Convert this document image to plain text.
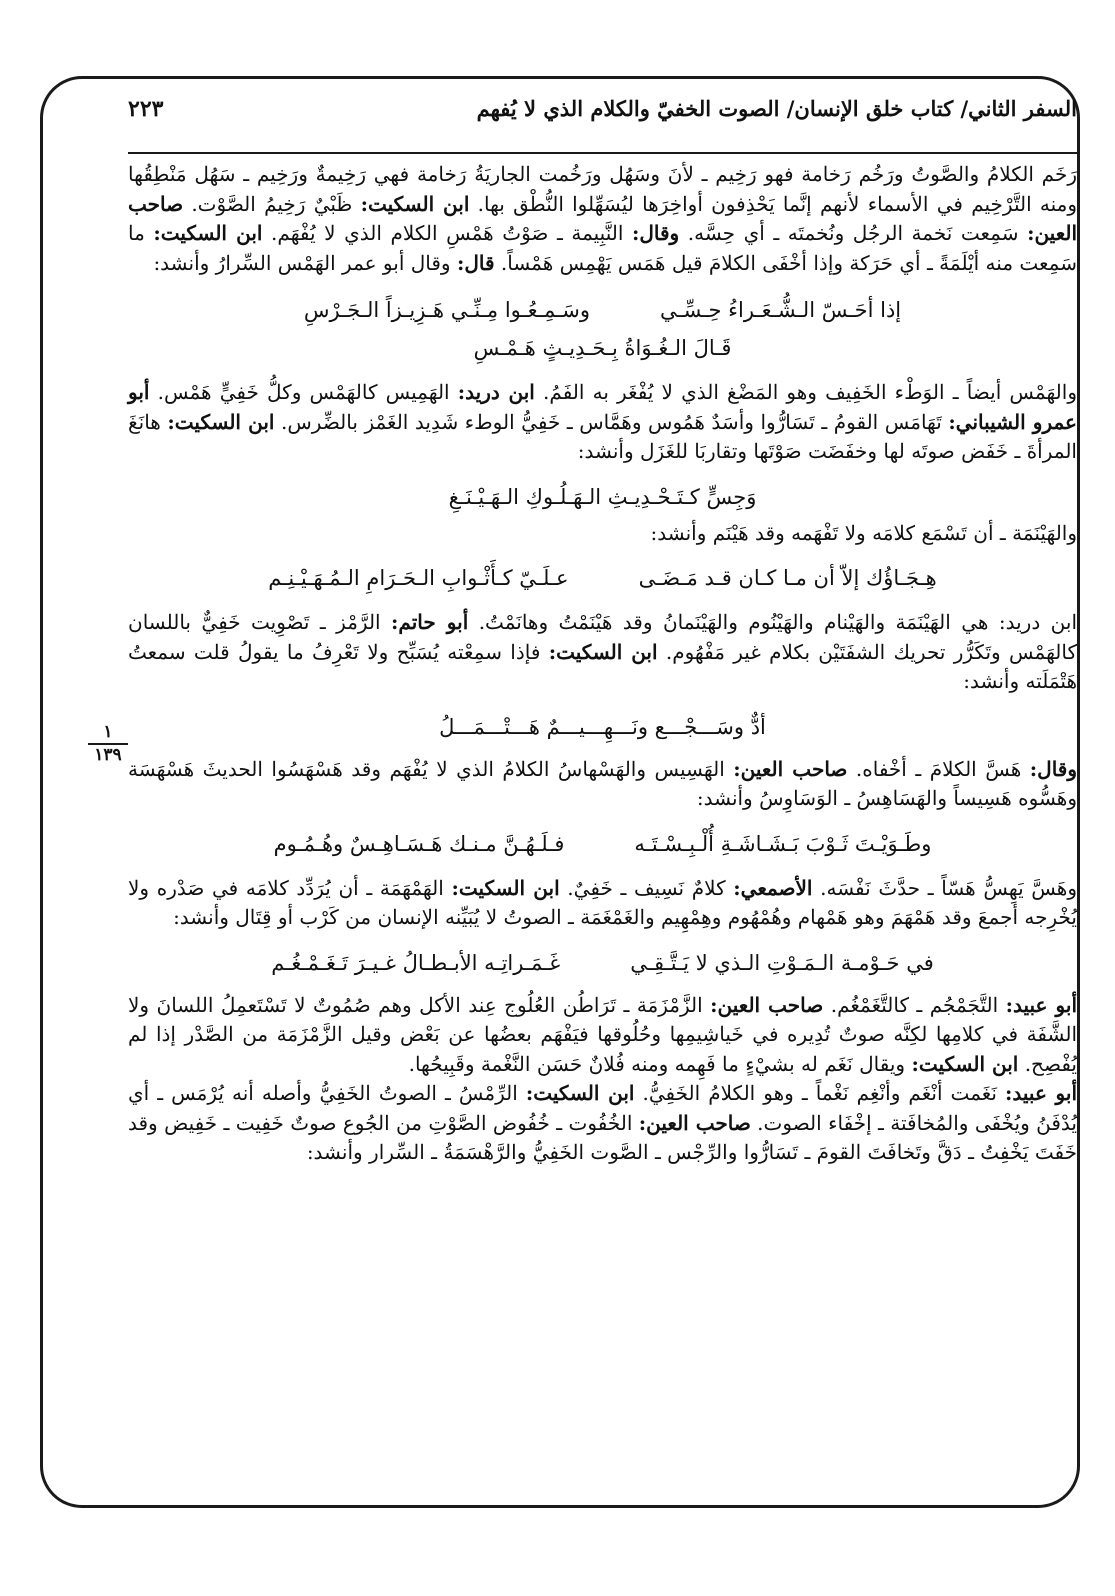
السفر الثاني/ كتاب خلق الإنسان/ الصوت الخفيّ والكلام الذي لا يُفهم
٢٢٣
١
١٣٩
رَخَم الكلامُ والصَّوتُ ورَخُم رَخامة فهو رَخِيم ـ لأنَ وسَهُل ورَخُمت الجاريَةُ رَخامة فهي رَخِيمةٌ ورَخِيم ـ سَهُل مَنْطِقُها ومنه التَّرْخِيم في الأسماء لأنهم إنَّما يَحْذِفون أواخِرَها ليُسَهِّلوا النُّطْق بها. ابن السكيت: ظَبْيٌ رَخِيمُ الصَّوْت. صاحب العين: سَمِعت نَخمة الرجُل ونُخمتَه ـ أي حِسَّه. وقال: النَّبِيمة ـ صَوْتُ هَمْسِ الكلام الذي لا يُفْهَم. ابن السكيت: ما سَمِعت منه أيْلَمَةً ـ أي حَرَكة وإذا أخْفَى الكلامَ قيل هَمَس يَهْمِس هَمْساً. قال: وقال أبو عمر الهَمْس السِّرارُ وأنشد:
إذا أحَـسّ الـشُّـعَـراءُ حِـسِّـي
وسَـمِـعُـوا مِـنِّـي هَـزِيـزاً الـجَـرْسِ
قَـالَ الـغُـوَاةُ بِـحَـدِيـثٍ هَـمْـسِ
والهَمْس أيضاً ـ الوَطْء الخَفِيف وهو المَضْغ الذي لا يُفْغَر به الفَمُ. ابن دريد: الهَمِيس كالهَمْس وكلُّ خَفِيٍّ هَمْس. أبو عمرو الشيباني: تَهَامَس القومُ ـ تَسَارُّوا وأسَدٌ هَمُوس وهَمَّاس ـ خَفِيُّ الوطء شَدِيد الغَمْز بالضِّرس. ابن السكيت: هانَغَ المرأةَ ـ خَفَض صوتَه لها وخفَضَت صَوْتَها وتقاربَا للغَزَل وأنشد:
وَجِسٍّ كـتَـحْـدِيـثِ الـهَـلُـوكِ الـهَـيْـنَـغِ
والهَيْنَمَة ـ أن تَسْمَع كلامَه ولا تَفْهَمه وقد هَيْنَم وأنشد:
هِـجَـاؤُك إلاّ أن مـا كـان قـد مَـضَـى
عـلَـيّ كـأَثْـوابِ الـحَـرَامِ الـمُـهَـيْـنِـم
ابن دريد: هي الهَيْنَمَة والهَيْنام والهَيْنُوم والهَيْنَمانُ وقد هَيْنَمْتُ وهانَمْتُ. أبو حاتم: الرَّمْز ـ تَصْوِيت خَفِيٌّ باللسان كالهَمْس وتَكَرُّر تحريك الشفَتَيْن بكلام غير مَفْهُوم. ابن السكيت: فإذا سمِعْته يُسَبِّح ولا تَعْرِفُ ما يقولُ قلت سمعتُ هَتْمَلَته وأنشد:
أدٌّ وسَـــجْـــع ونَـــهِـــيـــمٌ هَـــتْـــمَـــلُ
وقال: هَسَّ الكلامَ ـ أخْفاه. صاحب العين: الهَسِيس والهَسْهاسُ الكلامُ الذي لا يُفْهَم وقد هَسْهَسُوا الحديثَ هَسْهَسَة وهَسُّوه هَسِيساً والهَسَاهِسُ ـ الوَسَاوِسُ وأنشد:
وطَـوَيْـتَ ثَـوْبَ بَـشَـاشَـةِ أُلْـبِـسْـتَـه
فـلَـهُـنَّ مـنـك هَـسَـاهِـسٌ وهُـمُـوم
وهَسَّ يَهِسُّ هَسّاً ـ حدَّثَ نَفْسَه. الأصمعي: كلامٌ نَسِيف ـ خَفِيٌ. ابن السكيت: الهَمْهَمَة ـ أن يُرَدِّد كلامَه في صَدْره ولا يُخْرِجه أجمعَ وقد هَمْهَمَ وهو هَمْهام وهُمْهُوم وهِمْهِيم والغَمْغَمَة ـ الصوتُ لا يُبَيِّنه الإنسان من كَرْب أو قِتَال وأنشد:
في حَـوْمـة الـمَـوْتِ الـذي لا يَـتَّـقِـي
غَـمَـراتِـه الأبـطـالُ غـيـرَ تَـغَـمْـغُـم
أبو عبيد: التَّجَمْجُم ـ كالتَّغَمْغُم. صاحب العين: الزَّمْزَمَة ـ تَرَاطُن العُلُوج عِند الأكل وهم صُمُوتٌ لا تَسْتَعمِلُ اللسانَ ولا الشَّفَة في كلامِها لكِنَّه صوتٌ تُدِيره في خَياشِيمِها وحُلُوقها فيَفْهَم بعضُها عن بَعْض وقيل الزَّمْزَمَة من الصَّدْر إذا لم يُفْصِح. ابن السكيت: ويقال نَغَم له بشيْءٍ ما فَهِمه ومنه فُلانٌ حَسَن النَّغْمة وقَبِيحُها.
أبو عبيد: نَغَمت أنْغَم وأنْغِم نَغْماً ـ وهو الكلامُ الخَفِيُّ. ابن السكيت: الرِّمْسُ ـ الصوتُ الخَفِيُّ وأصله أنه يُرْمَس ـ أي يُدْفَنُ ويُخْفَى والمُخافَتة ـ إخْفَاء الصوت. صاحب العين: الخُفُوت ـ خُفُوض الصَّوْتِ من الجُوع صوتٌ خَفِيت ـ خَفِيض وقد خَفَتَ يَخْفِتُ ـ دَقَّ وتَخافَتَ القومَ ـ تَسَارُّوا والرِّجْس ـ الصَّوت الخَفِيُّ والرَّهْسَمَةُ ـ السِّرار وأنشد:
